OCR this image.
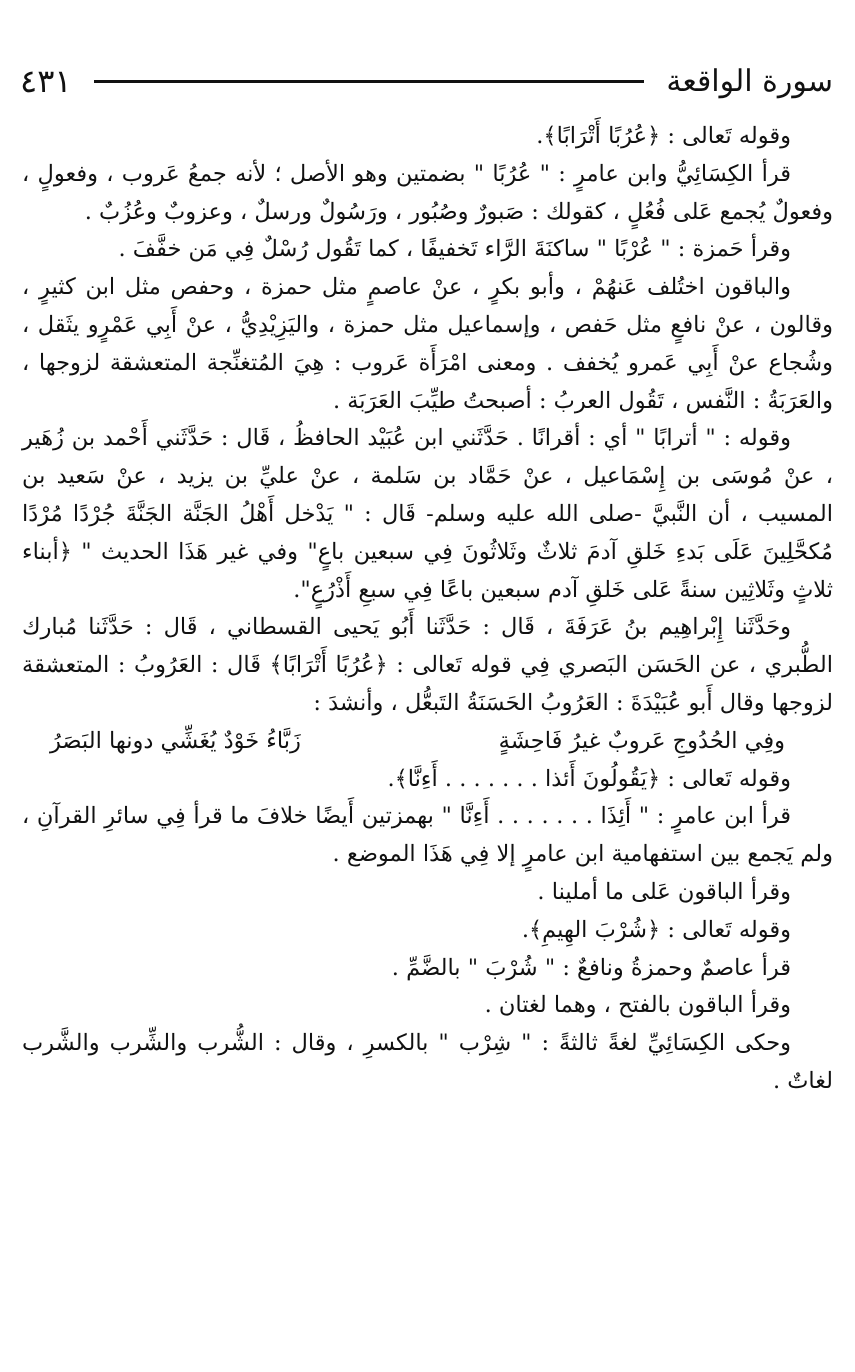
سورة الواقعة
٤٣١

وقوله تَعالى : ﴿عُرُبًا أَتْرَابًا﴾.

قرأ الكِسَائِيُّ وابن عامرٍ : " عُرُبًا " بضمتين وهو الأصل ؛ لأنه جمعُ عَروب ، وفعولٍ ، وفعولٌ يُجمع عَلى فُعُلٍ ، كقولك : صَبورٌ وصُبُور ، ورَسُولٌ ورسلٌ ، وعزوبٌ وعُزُبٌ .

وقرأ حَمزة : " عُرْبًا " ساكنَةَ الرَّاء تَخفيفًا ، كما تَقُول رُسْلٌ فِي مَن خفَّفَ .

والباقون اختُلف عَنهُمْ ، وأبو بكرٍ ، عنْ عاصمٍ مثل حمزة ، وحفص مثل ابن كثيرٍ ، وقالون ، عنْ نافعٍ مثل حَفص ، وإسماعيل مثل حمزة ، واليَزِيْدِيُّ ، عنْ أَبِي عَمْرٍو يثَقل ، وشُجاع عنْ أَبِي عَمرو يُخفف . ومعنى امْرَأَة عَروب : هِيَ المُتغنِّجة المتعشقة لزوجها ، والعَرَبَةُ : النَّفس ، تَقُول العربُ : أصبحتُ طيِّبَ العَرَبَة .

وقوله : " أترابًا " أي : أقرانًا . حَدَّثَني ابن عُبَيْد الحافظُ ، قَال : حَدَّثَني أَحْمد بن زُهَير ، عنْ مُوسَى بن إِسْمَاعيل ، عنْ حَمَّاد بن سَلمة ، عنْ عليِّ بن يزيد ، عنْ سَعيد بن المسيب ، أن النَّبيَّ -صلى الله عليه وسلم- قَال : " يَدْخل أَهْلُ الجَنَّة الجَنَّةَ جُرْدًا مُرْدًا مُكحَّلِينَ عَلَى بَدءِ خَلقِ آدمَ ثلاثٌ وثَلاثُونَ فِي سبعين باعٍ" وفي غير هَذَا الحديث " ﴿أبناء ثلاثٍ وثَلاثِين سنةً عَلى خَلقِ آدم سبعين باعًا فِي سبعِ أَذْرُعٍ".

وحَدَّثَنا إِبْراهِيم بنُ عَرَفَةَ ، قَال : حَدَّثَنا أَبُو يَحيى القسطاني ، قَال : حَدَّثَنا مُبارك الطُّبري ، عن الحَسَن البَصري فِي قوله تَعالى : ﴿عُرُبًا أَتْرَابًا﴾ قَال : العَرُوبُ : المتعشقة لزوجها وقال أَبو عُبَيْدَةَ : العَرُوبُ الحَسَنَةُ التَبعُّل ، وأنشدَ :

وفِي الحُدُوجِ عَروبٌ غيرُ فَاحِشَةٍ
زَبَّاءُ خَوْدٌ يُغَشِّي دونها البَصَرُ

وقوله تَعالى : ﴿يَقُولُونَ أَئذا . . . . . . . أَءِنَّا﴾.

قرأ ابن عامرٍ : " أَئِذَا . . . . . . . أَءِنَّا " بهمزتين أَيضًا خلافَ ما قرأ فِي سائرِ القرآنِ ، ولم يَجمع بين استفهامية ابن عامرٍ إلا فِي هَذَا الموضع .

وقرأ الباقون عَلى ما أملينا .

وقوله تَعالى : ﴿شُرْبَ الهِيمِ﴾.

قرأ عاصمٌ وحمزةُ ونافعٌ : " شُرْبَ " بالضَّمِّ .

وقرأ الباقون بالفتح ، وهما لغتان .

وحكى الكِسَائِيِّ لغةً ثالثةً : " شِرْب " بالكسرِ ، وقال : الشُّرب والشِّرب والشَّرب لغاتٌ .
